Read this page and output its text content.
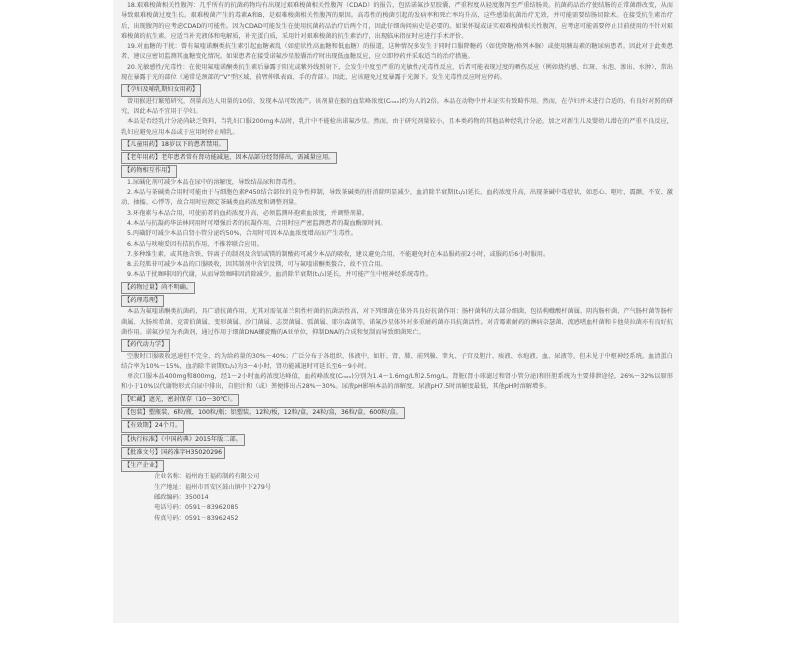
18.艰难梭菌相关性腹泻：几乎所有的抗菌药物均有出现过艰难梭菌相关性腹泻（CDAD）的报告，包括诺氟沙星胶囊，严重程度从轻度腹泻至严重结肠炎。抗菌药品治疗使结肠的正常菌群改变，从而导致艰难梭菌过度生长。艰难梭菌产生的毒素A和B，是艰难梭菌相关性腹泻的原因。高毒性的梭菌引起的发病率和死亡率均升高，这些感染抗菌治疗无效，并可能需要结肠切除术。在接受抗生素治疗后，出现腹泻的应考虑CDAD的可能性。因为CDAD可能发生在使用抗菌药品治疗后两个月，因此仔细询问病史是必要的。如果怀疑或证实艰难梭菌相关性腹泻，应考虑可能需要停止目前使用的不针对艰难梭菌的抗生素。应适当补充液体和电解质，补充蛋白质，采用针对艰难梭菌的抗生素治疗，出现临床指征时应进行手术评价。
19.对血糖的干扰：曾有氟喹诺酮类抗生素引起血糖紊乱（如症状性高血糖和低血糖）的报道，这种情况多发生于同时口服降糖药（如优降糖/格列本脲）或使用胰岛素的糖尿病患者。因此对于此类患者，建议应密切监测其血糖变化情况。如果患者在接受诺氟沙星胶囊治疗时出现低血糖反应，应立即停药并采取适当的治疗措施。
20.光敏感性/光毒性：在使用氟喹诺酮类抗生素后暴露于阳光或紫外线照射下，会发生中度至严重的光敏性/光毒性反应，后者可能表现过度的晒伤反应（例如烧灼感、红斑、水泡、渗出、水肿），常出现在暴露于光的部位（通常是颈部的“V”型区域，前臂伸肌表面、手的背部）。因此，应该避免过度暴露于光源下。发生光毒性反应时应停药。
【孕妇及哺乳期妇女用药】
曾用猴进行繁殖研究，剂量高达人用量的10倍，发现本品可致流产。该剂量在猴的血浆峰浓度(Cₘₐₓ)约为人的2倍。本品在动物中并未证实有致畸作用。然而，在孕妇并未进行合适的、有良好对照的研究，因此本品不宜用于孕妇。
本品是否经乳汁分泌尚缺乏资料，当乳妇口服200mg本品时，乳汁中不能检出诺氟沙星。然而，由于研究剂量较小，且本类药物的其他品种经乳汁分泌，加之对新生儿及婴幼儿潜在的严重不良反应，乳妇应避免应用本品或于应用时停止哺乳。
【儿童用药】18岁以下的患者禁用。
【老年用药】老年患者常有肾功能减退，因本品部分经肾排出，需减量应用。
【药物相互作用】
1.尿碱化剂可减少本品在尿中的溶解度，导致结晶尿和肾毒性。
2.本品与茶碱类合用时可能由于与细胞色素P450结合部位的竞争性抑制，导致茶碱类的肝消除明显减少，血消除半衰期(t₁/₂)延长，血药浓度升高，出现茶碱中毒症状，如恶心、呕吐、震颤、不安、激动、抽搐、心悸等，故合用时应测定茶碱类血药浓度和调整剂量。
3.环孢素与本品合用，可使前者的血药浓度升高，必须监测环孢素血浓度，并调整剂量。
4.本品与抗凝药华法林同用时可增强后者的抗凝作用，合用时应严密监测患者的凝血酶原时间。
5.丙磺舒可减少本品自肾小管分泌约50%，合用时可因本品血浓度增高而产生毒性。
6.本品与呋喃妥因有拮抗作用，不推荐联合应用。
7.多种维生素，或其他含铁、锌离子的制剂及含铝或镁的制酸药可减少本品的吸收，建议避免合用，不能避免时在本品服药前2小时，或服药后6小时服用。
8.去羟肌苷可减少本品的口服吸收，因其制剂中含铝及镁，可与氟喹诺酮类螯合，故不宜合用。
9.本品干扰咖啡因的代谢，从而导致咖啡因消除减少，血消除半衰期(t₁/₂)延长，并可能产生中枢神经系统毒性。
【药物过量】尚不明确。
【药理毒理】
本品为氟喹诺酮类抗菌药，具广谱抗菌作用，尤其对需氧革兰阴性杆菌的抗菌活性高，对下列细菌在体外具良好抗菌作用：肠杆菌科的大部分细菌，包括枸橼酸杆菌属、阴沟肠杆菌、产气肠杆菌等肠杆菌属、大肠埃希菌、克雷伯菌属、变形菌属、沙门菌属、志贺菌属、弧菌属、耶尔森菌等。诺氟沙星体外对多重耐药菌亦具抗菌活性。对青霉素耐药的淋病奈瑟菌、流感嗜血杆菌和卡他莫拉菌亦有良好抗菌作用。诺氟沙星为杀菌剂，通过作用于细菌DNA螺旋酶的A亚单位，抑制DNA的合成和复制而导致细菌死亡。
【药代动力学】
空腹时口服吸收迅速但不完全，约为给药量的30%～40%；广泛分布于各组织、体液中，如肝、肾、肺、前列腺、睾丸、子宫及胆汁、痰液、水疱液、血、尿液等，但未见于中枢神经系统。血清蛋白结合率为10%～15%，血消除半衰期(t₁/₂)为3～4小时，肾功能减退时可延长至6～9小时。
单次口服本品400mg和800mg，经1～2小时血药浓度达峰值，血药峰浓度(Cₘₐₓ)分别为1.4～1.6mg/L和2.5mg/L。肾脏(肾小球滤过和肾小管分泌)和肝胆系统为主要排泄途径，26%～32%以原形和小于10%以代谢物形式自尿中排出，自胆汁和（或）粪便排出占28%～30%。尿液pH影响本品的溶解度。尿液pH7.5时溶解度最低，其他pH时溶解增多。
【贮藏】遮光，密封保存（10～30℃）。
【包装】塑瓶装，6粒/瓶，100粒/瓶；铝塑装，12粒/板，12粒/盒，24粒/盒，36粒/盒，600粒/盒。
【有效期】24个月。
【执行标准】《中国药典》2015年版二部。
【批准文号】国药准字H35020296
【生产企业】
企业名称： 福州海王福药制药有限公司
生产地址： 福州市晋安区鼓山镇中下279号
邮政编码： 350014
电话号码： 0591－83962085
传真号码： 0591－83962452
